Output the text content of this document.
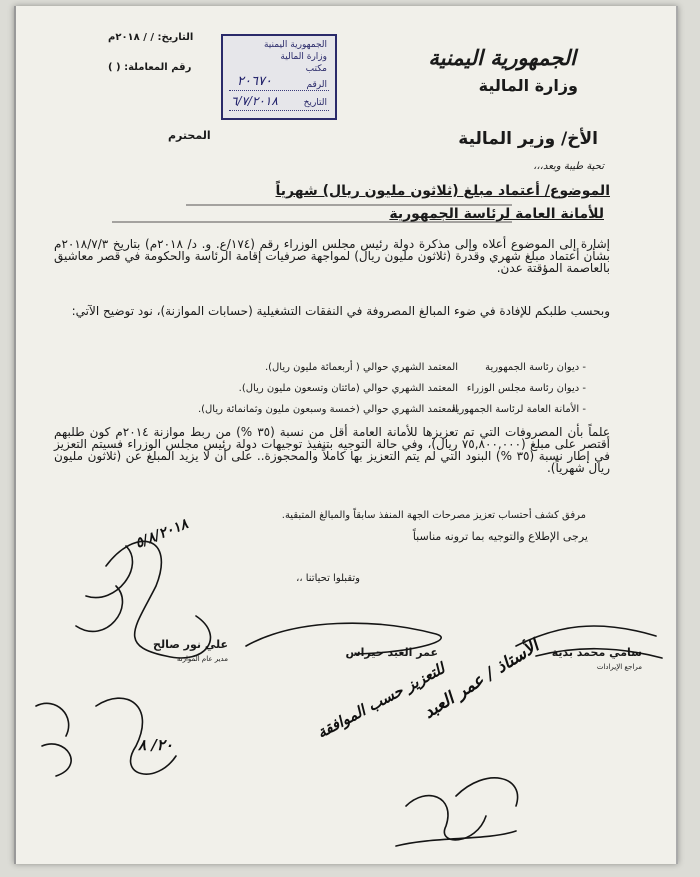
الجمهورية اليمنية
وزارة المالية
التاريخ: / / ٢٠١٨م
رقم المعاملة: ( )
الجمهورية اليمنية
وزارة المالية
مكتب
الرقم
التاريخ
٢٠٦٧٠
٦/٧/٢٠١٨
الأخ/ وزير المالية
المحترم
تحية طيبة وبعد،،،
الموضوع/ أعتماد مبلغ (ثلاثون مليون ريال) شهرياً
للأمانة العامة لرئاسة الجمهورية
إشارة إلى الموضوع أعلاه وإلى مذكرة دولة رئيس مجلس الوزراء رقم (١٧٤/ع. و. د/ ٢٠١٨م) بتاريخ ٢٠١٨/٧/٣م بشأن أعتماد مبلغ شهري وقدرة (ثلاثون مليون ريال) لمواجهة صرفيات إقامة الرئاسة والحكومة في قصر معاشيق بالعاصمة المؤقتة عدن.
وبحسب طلبكم للإفادة في ضوء المبالغ المصروفة في النفقات التشغيلية (حسابات الموازنة)، نود توضيح الآتي:
- ديوان رئاسة الجمهورية
المعتمد الشهري حوالي ( أربعمائة مليون ريال).
- ديوان رئاسة مجلس الوزراء
المعتمد الشهري حوالي (مائتان وتسعون مليون ريال).
- الأمانة العامة لرئاسة الجمهورية
المعتمد الشهري حوالي (خمسة وسبعون مليون وثمانمائة ريال).
علماً بأن المصروفات التي تم تعزيزها للأمانة العامة أقل من نسبة (٣٥ %) من ربط موازنة ٢٠١٤م كون طلبهم أقتصر على مبلغ (٧٥,٨٠٠,٠٠٠ ريال)، وفي حالة التوجيه بتنفيذ توجيهات دولة رئيس مجلس الوزراء فسيتم التعزيز في إطار نسبة (٣٥ %) البنود التي لم يتم التعزيز بها كاملاً والمحجوزة.. على أن لا يزيد المبلغ عن (ثلاثون مليون ريال شهرياً).
مرفق كشف أحتساب تعزيز مصرحات الجهة المنفذ سابقاً والمبالغ المتبقية.
يرجى الإطلاع والتوجيه بما ترونه مناسباً
وتقبلوا تحياتنا ،،
سامي محمد بدية
مراجع الإيرادات
عمر العبد حيراس
علي نور صالح
مدير عام الموازنة	الأستاذ / عمر العبد
للتعزيز حسب الموافقة
٥/٨/٢٠١٨
٢٠/ ٨
